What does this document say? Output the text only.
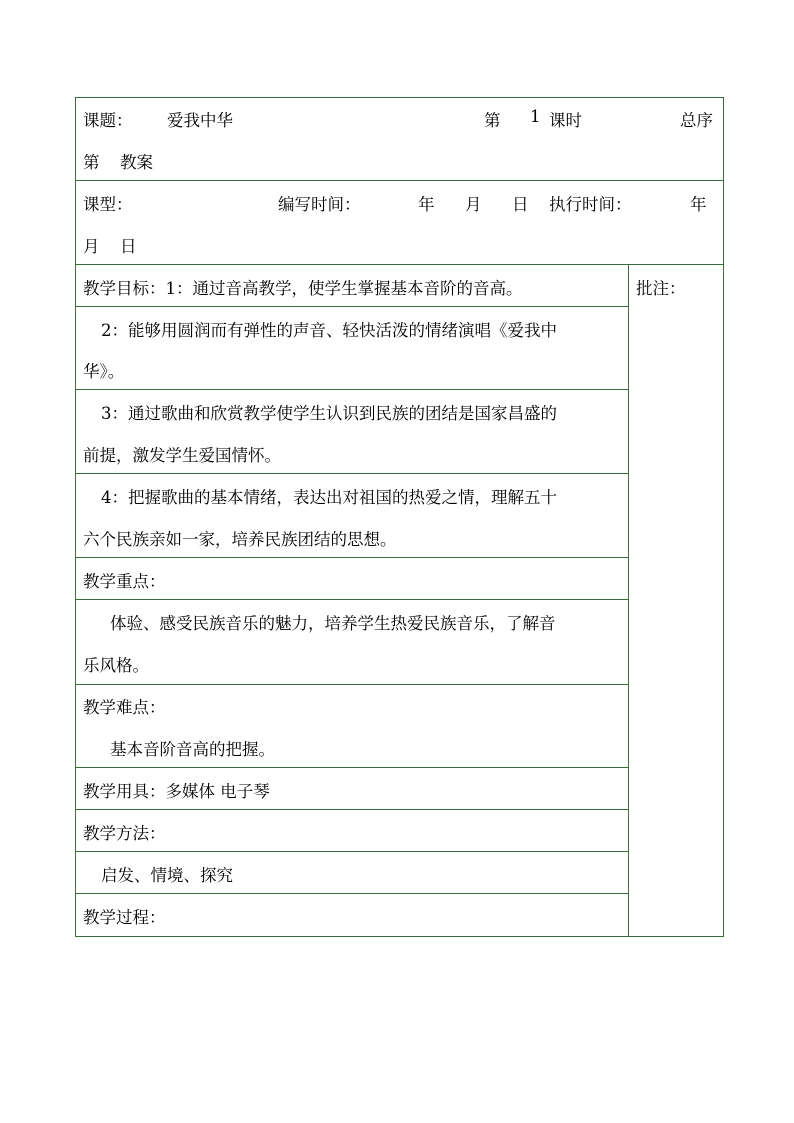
课题： 爱我中华	第 1 课时	总序
第 教案
课型：	编写时间：	年 月 日 执行时间：	年
月 日
教学目标：1：通过音高教学，使学生掌握基本音阶的音高。	批注：
2：能够用圆润而有弹性的声音、轻快活泼的情绪演唱《爱我中
华》。
3：通过歌曲和欣赏教学使学生认识到民族的团结是国家昌盛的
前提，激发学生爱国情怀。
4：把握歌曲的基本情绪，表达出对祖国的热爱之情，理解五十
六个民族亲如一家，培养民族团结的思想。
教学重点：
体验、感受民族音乐的魅力，培养学生热爱民族音乐，了解音
乐风格。
教学难点：
基本音阶音高的把握。
教学用具：多媒体 电子琴
教学方法：
启发、情境、探究
教学过程：
